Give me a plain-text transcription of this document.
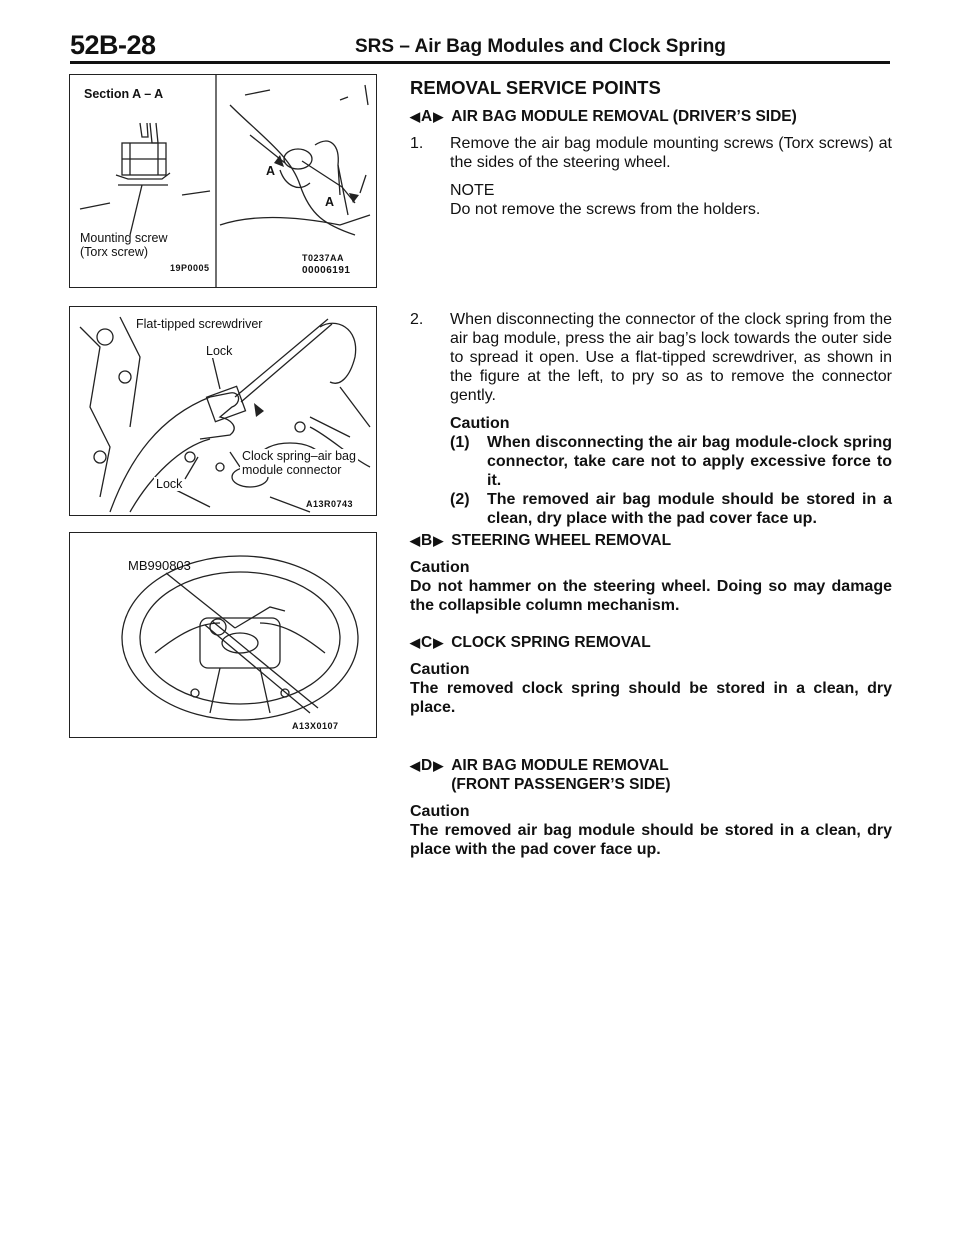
52B-28	SRS – Air Bag Modules and Clock Spring
Section A – A
Mounting screw
(Torx screw)
A
A
19P0005
T0237AA
00006191
Flat-tipped screwdriver
Lock
Clock spring–air bag
module connector
Lock
A13R0743
MB990803
A13X0107
REMOVAL SERVICE POINTS
◀ A ▶ AIR BAG MODULE REMOVAL (DRIVER’S SIDE)
1.	Remove the air bag module mounting screws (Torx screws) at the sides of the steering wheel.
NOTE
Do not remove the screws from the holders.
2.	When disconnecting the connector of the clock spring from the air bag module, press the air bag’s lock towards the outer side to spread it open. Use a flat-tipped screwdriver, as shown in the figure at the left, to pry so as to remove the connector gently.
Caution
(1)	When disconnecting the air bag module-clock spring connector, take care not to apply excessive force to it.
(2)	The removed air bag module should be stored in a clean, dry place with the pad cover face up.
◀ B ▶ STEERING WHEEL REMOVAL
Caution
Do not hammer on the steering wheel. Doing so may damage the collapsible column mechanism.
◀ C ▶ CLOCK SPRING REMOVAL
Caution
The removed clock spring should be stored in a clean, dry place.
◀ D ▶ AIR BAG MODULE REMOVAL
(FRONT PASSENGER’S SIDE)
Caution
The removed air bag module should be stored in a clean, dry place with the pad cover face up.
